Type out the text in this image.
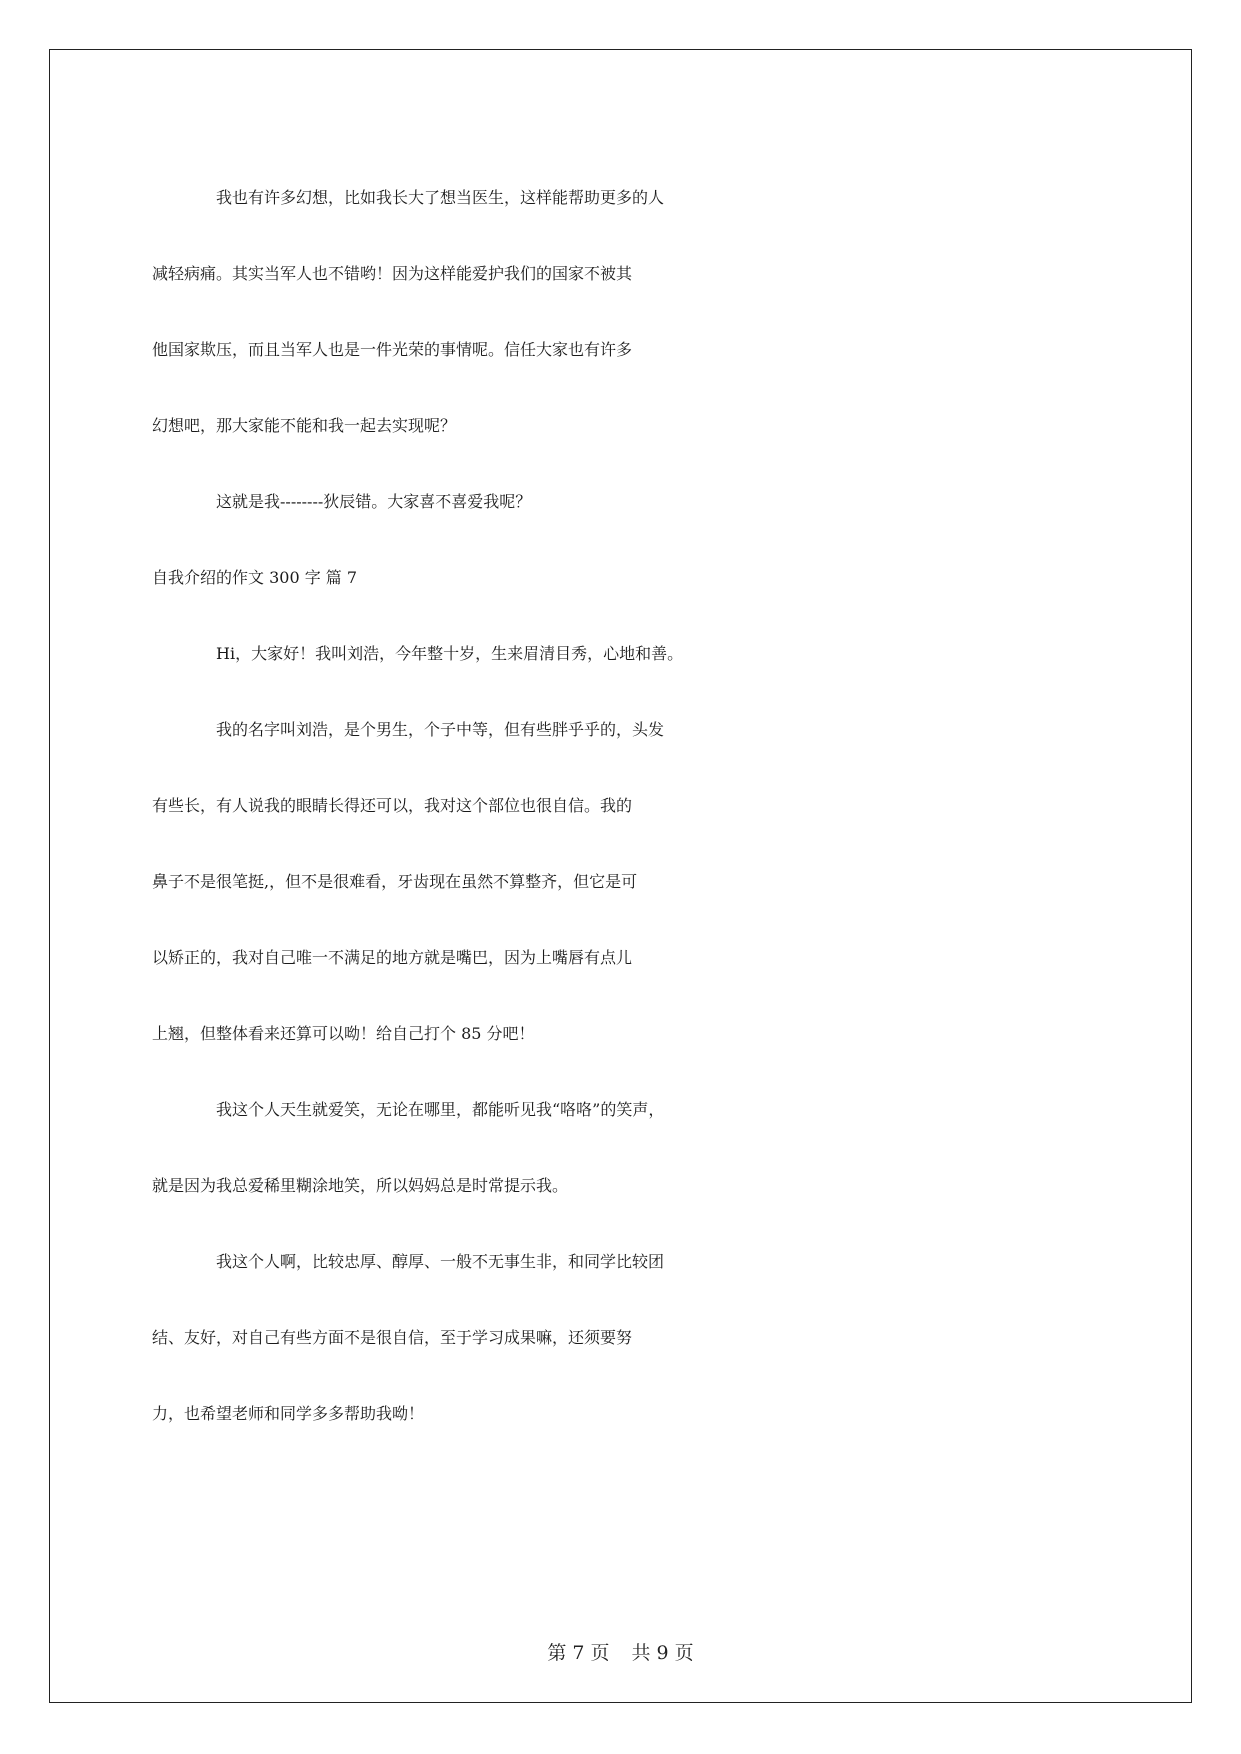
我也有许多幻想，比如我长大了想当医生，这样能帮助更多的人
减轻病痛。其实当军人也不错哟！因为这样能爱护我们的国家不被其
他国家欺压，而且当军人也是一件光荣的事情呢。信任大家也有许多
幻想吧，那大家能不能和我一起去实现呢？
这就是我--------狄辰错。大家喜不喜爱我呢？
自我介绍的作文 300 字 篇 7
Hi，大家好！我叫刘浩，今年整十岁，生来眉清目秀，心地和善。
我的名字叫刘浩，是个男生，个子中等，但有些胖乎乎的，头发
有些长，有人说我的眼睛长得还可以，我对这个部位也很自信。我的
鼻子不是很笔挺,，但不是很难看，牙齿现在虽然不算整齐，但它是可
以矫正的，我对自己唯一不满足的地方就是嘴巴，因为上嘴唇有点儿
上翘，但整体看来还算可以呦！给自己打个 85 分吧！
我这个人天生就爱笑，无论在哪里，都能听见我“咯咯”的笑声，
就是因为我总爱稀里糊涂地笑，所以妈妈总是时常提示我。
我这个人啊，比较忠厚、醇厚、一般不无事生非，和同学比较团
结、友好，对自己有些方面不是很自信，至于学习成果嘛，还须要努
力，也希望老师和同学多多帮助我呦！
第 7 页 共 9 页
